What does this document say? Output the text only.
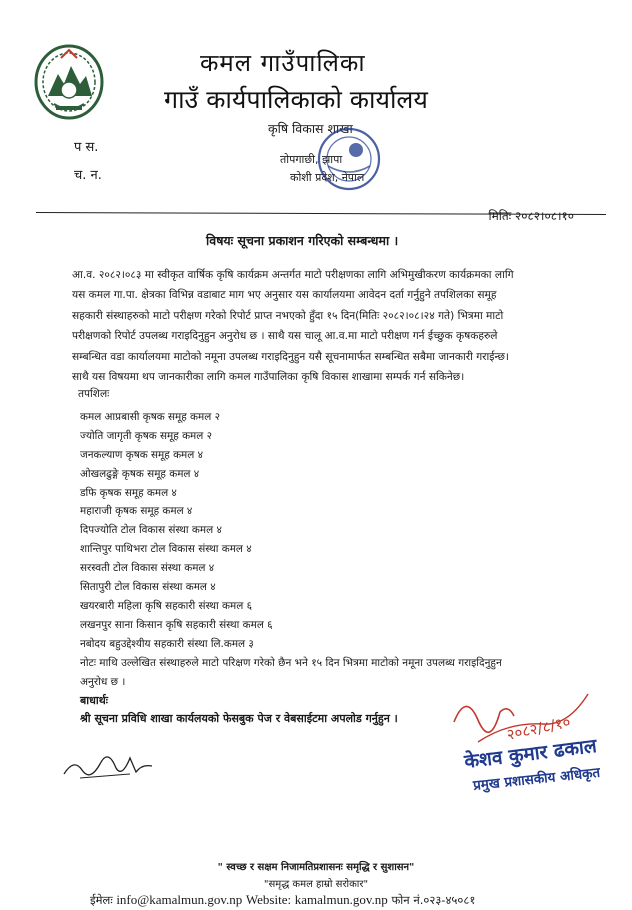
कमल गाउँपालिका
गाउँ कार्यपालिकाको कार्यालय
कृषि विकास शाखा
तोपगाछी, झापा
कोशी प्रदेश, नेपाल
प स.
च. न.
मितिः २०८२।०८।१०
विषयः सूचना प्रकाशन गरिएको सम्बन्धमा ।
आ.व. २०८२।०८३ मा स्वीकृत वार्षिक कृषि कार्यक्रम अन्तर्गत माटो परीक्षणका लागि अभिमुखीकरण कार्यक्रमका लागि
यस कमल गा.पा. क्षेत्रका विभिन्न वडाबाट माग भए अनुसार यस कार्यालयमा आवेदन दर्ता गर्नुहुने तपशिलका समूह
सहकारी संस्थाहरुको माटो परीक्षण गरेको रिपोर्ट प्राप्त नभएको हुँदा १५ दिन(मितिः २०८२।०८।२४ गते) भित्रमा माटो
परीक्षणको रिपोर्ट उपलब्ध गराइदिनुहुन अनुरोध छ । साथै यस चालू आ.व.मा माटो परीक्षण गर्न ईच्छुक कृषकहरुले
सम्बन्धित वडा कार्यालयमा माटोको नमूना उपलब्ध गराइदिनुहुन यसै सूचनामार्फत सम्बन्धित सबैमा जानकारी गराईन्छ।
साथै यस विषयमा थप जानकारीका लागि कमल गाउँपालिका कृषि विकास शाखामा सम्पर्क गर्न सकिनेछ।
तपशिलः
कमल आप्रबासी कृषक समूह कमल २
ज्योति जागृती कृषक समूह कमल २
जनकल्याण कृषक समूह कमल ४
ओखलढुङ्गे कृषक समूह कमल ४
डफि कृषक समूह कमल ४
महाराजी कृषक समूह कमल ४
दिपज्योति टोल विकास संस्था कमल ४
शान्तिपुर पाथिभरा टोल विकास संस्था कमल ४
सरस्वती टोल विकास संस्था कमल ४
सितापुरी टोल विकास संस्था कमल ४
खयरबारी महिला कृषि सहकारी संस्था कमल ६
लखनपुर साना किसान कृषि सहकारी संस्था कमल ६
नबोदय बहुउद्देश्यीय सहकारी संस्था लि.कमल ३
नोटः माथि उल्लेखित संस्थाहरुले माटो परिक्षण गरेको छैन भने १५ दिन भित्रमा माटोको नमूना उपलब्ध गराइदिनुहुन
अनुरोध छ ।
बाधार्थः
श्री सूचना प्रविधि शाखा कार्यलयको फेसबुक पेज र वेबसाईटमा अपलोड गर्नुहुन ।	२०८२/८/१०
केशव कुमार ढकाल
प्रमुख प्रशासकीय अधिकृत
" स्वच्छ र सक्षम निजामतिप्रशासनः समृद्धि र सुशासन"
"समृद्ध कमल हाम्रो सरोकार"
ईमेलः info@kamalmun.gov.np Website: kamalmun.gov.np फोन नं.०२३-४५०८१
